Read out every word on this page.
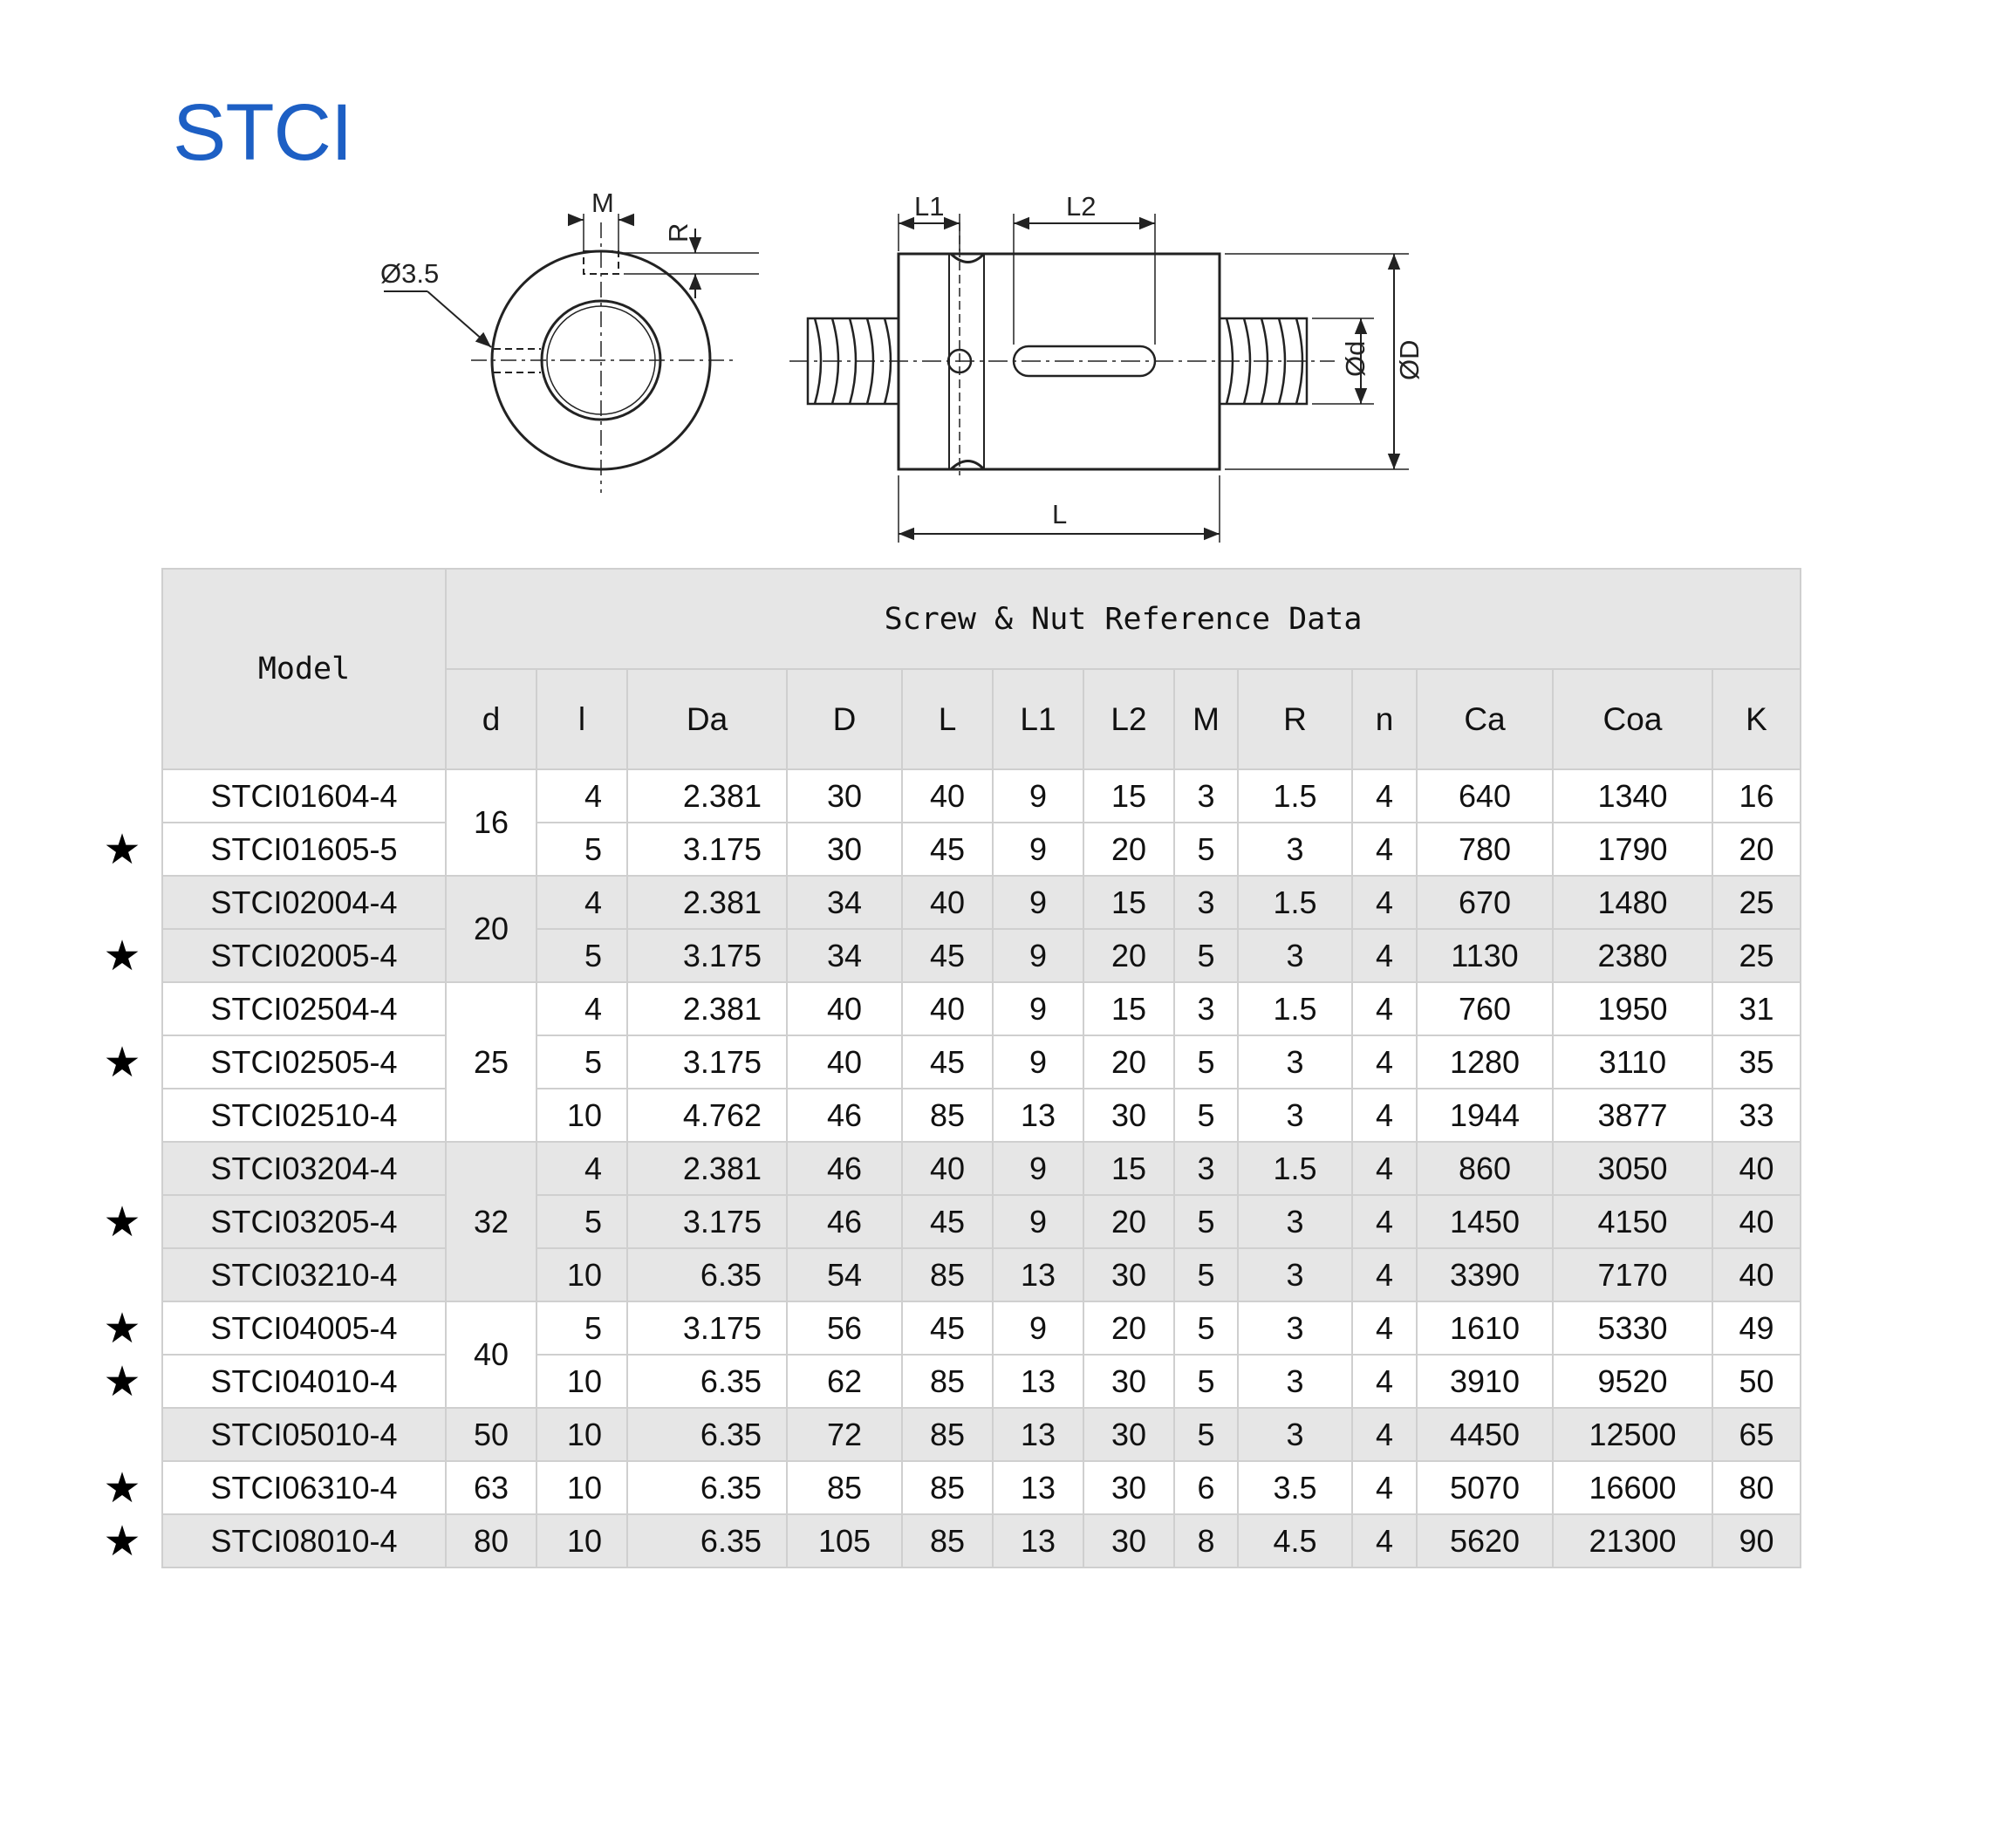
STCI
M
R
Ø3.5
L1	L2
L
Ød ØD
★
★
★
★
★
★
★
★
Model	Screw & Nut Reference Data												
	d	l	Da	D	L	L1	L2	M	R	n	Ca	Coa	K
STCI01604-4	16	4	2.381	30	40	9	15	3	1.5	4	640	1340	16
STCI01605-5		5	3.175	30	45	9	20	5	3	4	780	1790	20
STCI02004-4	20	4	2.381	34	40	9	15	3	1.5	4	670	1480	25
STCI02005-4		5	3.175	34	45	9	20	5	3	4	1130	2380	25
STCI02504-4	25	4	2.381	40	40	9	15	3	1.5	4	760	1950	31
STCI02505-4		5	3.175	40	45	9	20	5	3	4	1280	3110	35
STCI02510-4		10	4.762	46	85	13	30	5	3	4	1944	3877	33
STCI03204-4	32	4	2.381	46	40	9	15	3	1.5	4	860	3050	40
STCI03205-4		5	3.175	46	45	9	20	5	3	4	1450	4150	40
STCI03210-4		10	6.35	54	85	13	30	5	3	4	3390	7170	40
STCI04005-4	40	5	3.175	56	45	9	20	5	3	4	1610	5330	49
STCI04010-4		10	6.35	62	85	13	30	5	3	4	3910	9520	50
STCI05010-4	50	10	6.35	72	85	13	30	5	3	4	4450	12500	65
STCI06310-4	63	10	6.35	85	85	13	30	6	3.5	4	5070	16600	80
STCI08010-4	80	10	6.35	105	85	13	30	8	4.5	4	5620	21300	90
